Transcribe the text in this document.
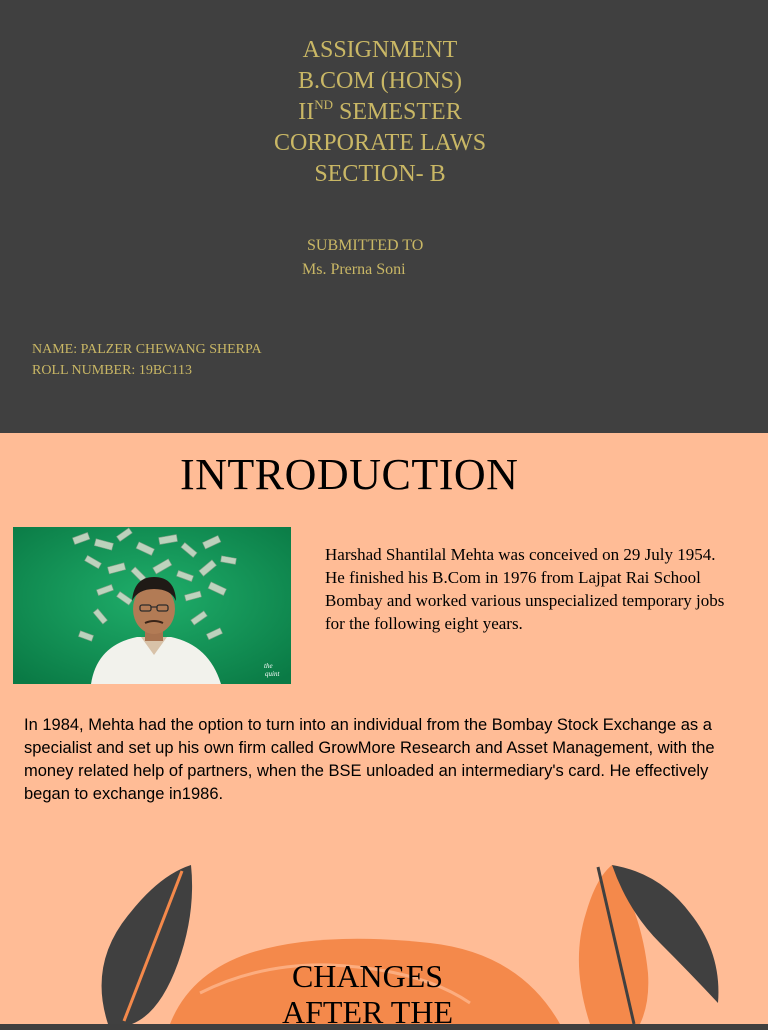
ASSIGNMENT
B.COM (HONS)
IIND SEMESTER
CORPORATE LAWS
SECTION- B
SUBMITTED TO
Ms. Prerna Soni
NAME: PALZER CHEWANG SHERPA
ROLL NUMBER: 19BC113
INTRODUCTION
the
quint
Harshad Shantilal Mehta was conceived on 29 July 1954. He finished his B.Com in 1976 from Lajpat Rai School Bombay and worked various unspecialized temporary jobs for the following eight years.
In 1984, Mehta had the option to turn into an individual from the Bombay Stock Exchange as a specialist and set up his own firm called GrowMore Research and Asset Management, with the money related help of partners, when the BSE unloaded an intermediary's card. He effectively began to exchange in1986.
CHANGES
AFTER THE
